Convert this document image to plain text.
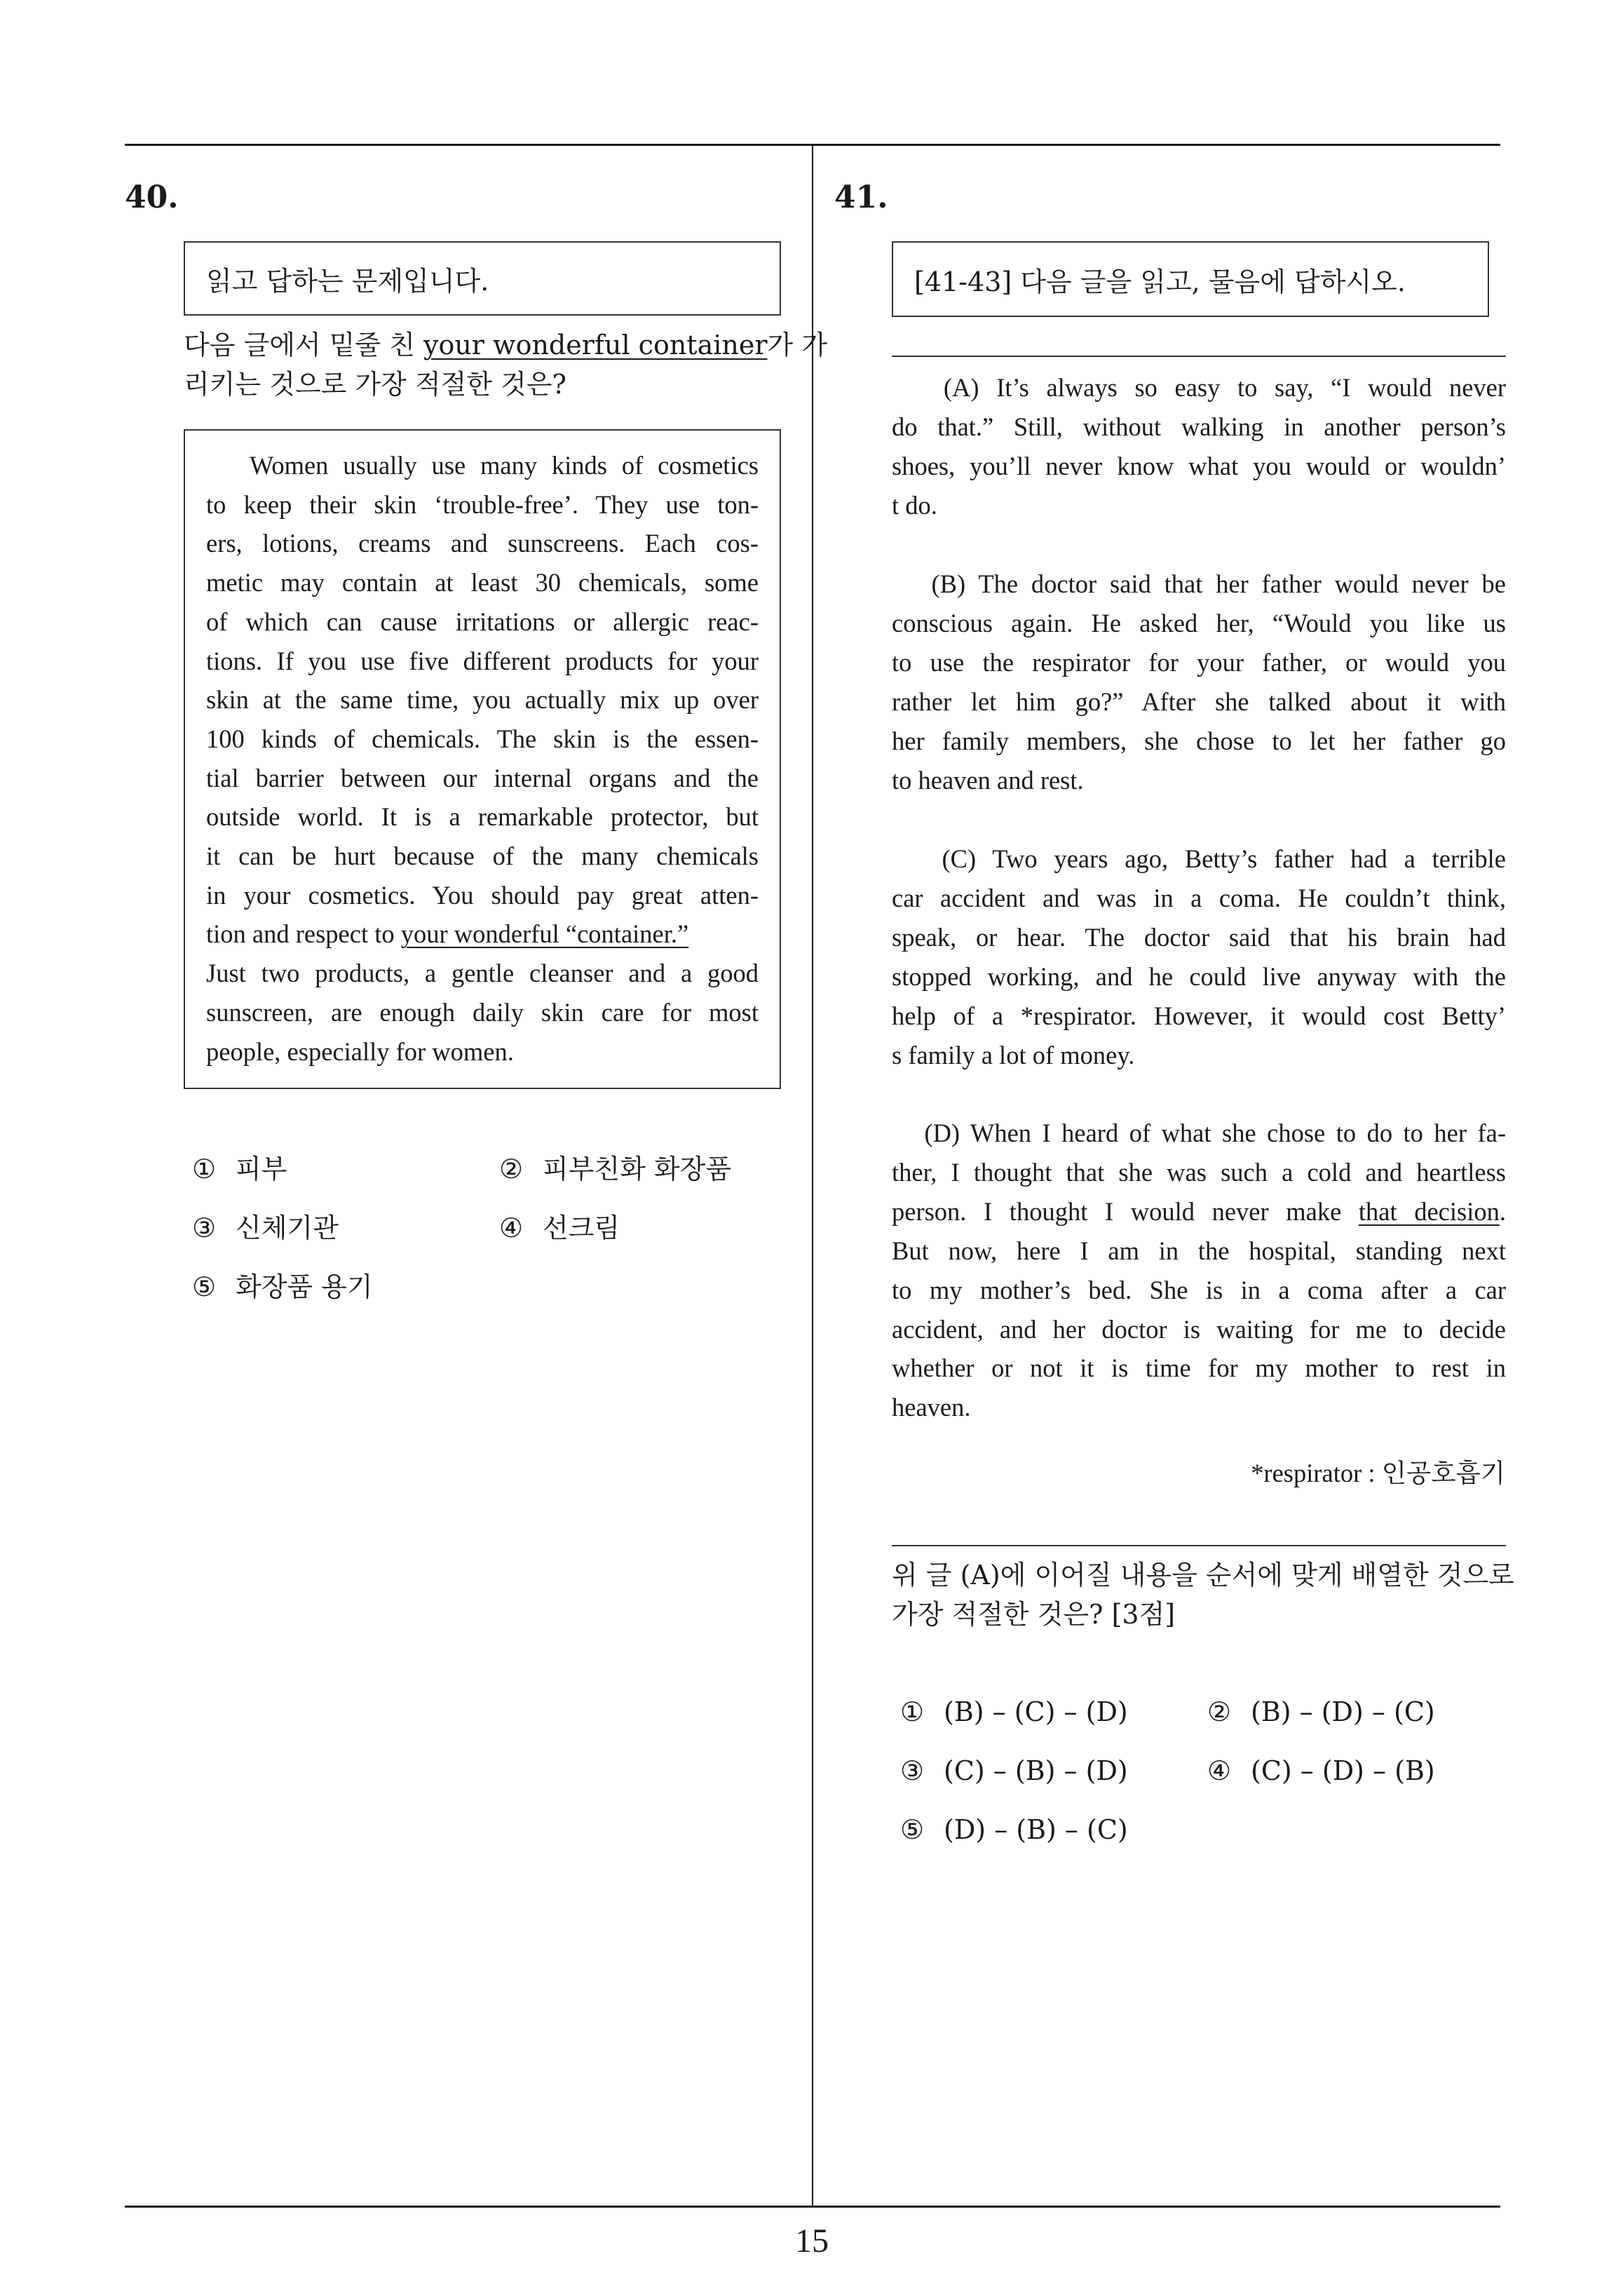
40.
읽고 답하는 문제입니다.
다음 글에서 밑줄 친 your wonderful container가 가
리키는 것으로 가장 적절한 것은?
Women usually use many kinds of cosmetics
to keep their skin ‘trouble-free’. They use ton-
ers, lotions, creams and sunscreens. Each cos-
metic may contain at least 30 chemicals, some
of which can cause irritations or allergic reac-
tions. If you use five different products for your
skin at the same time, you actually mix up over
100 kinds of chemicals. The skin is the essen-
tial barrier between our internal organs and the
outside world. It is a remarkable protector, but
it can be hurt because of the many chemicals
in your cosmetics. You should pay great atten-
tion and respect to your wonderful “container.”
Just two products, a gentle cleanser and a good
sunscreen, are enough daily skin care for most
people, especially for women.
① 피부	② 피부친화 화장품
③ 신체기관	④ 선크림
⑤ 화장품 용기
41.
[41-43] 다음 글을 읽고, 물음에 답하시오.
(A) It’s always so easy to say, “I would never
do that.” Still, without walking in another person’s
shoes, you’ll never know what you would or wouldn’
t do.
(B) The doctor said that her father would never be
conscious again. He asked her, “Would you like us
to use the respirator for your father, or would you
rather let him go?” After she talked about it with
her family members, she chose to let her father go
to heaven and rest.
(C) Two years ago, Betty’s father had a terrible
car accident and was in a coma. He couldn’t think,
speak, or hear. The doctor said that his brain had
stopped working, and he could live anyway with the
help of a *respirator. However, it would cost Betty’
s family a lot of money.
(D) When I heard of what she chose to do to her fa-
ther, I thought that she was such a cold and heartless
person. I thought I would never make that decision.
But now, here I am in the hospital, standing next
to my mother’s bed. She is in a coma after a car
accident, and her doctor is waiting for me to decide
whether or not it is time for my mother to rest in
heaven.
*respirator : 인공호흡기
위 글 (A)에 이어질 내용을 순서에 맞게 배열한 것으로
가장 적절한 것은? [3점]
① (B) – (C) – (D)	② (B) – (D) – (C)
③ (C) – (B) – (D)	④ (C) – (D) – (B)
⑤ (D) – (B) – (C)
15
